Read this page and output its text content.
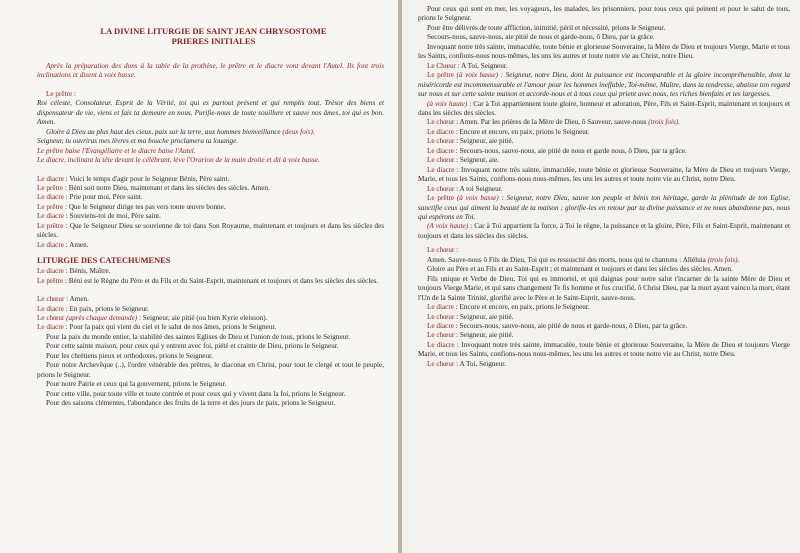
LA DIVINE LITURGIE DE SAINT JEAN CHRYSOSTOME
PRIERES INITIALES

Après la préparation des dons à la table de la prothèse, le prêtre et le diacre vont devant l'Autel. Ils font trois inclinations et disent à voix basse.

Le prêtre :

Roi céleste, Consolateur, Esprit de la Vérité, toi qui es partout présent et qui remplis tout, Trésor des biens et dispensateur de vie, viens et fais ta demeure en nous. Purifie-nous de toute souillure et sauve nos âmes, toi qui es bon. Amen.

Gloire à Dieu au plus haut des cieux, paix sur la terre, aux hommes bienveillance (deux fois).

Seigneur, tu ouvriras mes lèvres et ma bouche proclamera ta louange.

Le prêtre baise l'Evangéliaire et le diacre baise l'Autel.

Le diacre, inclinant la tête devant le célébrant, lève l'Orarion de la main droite et dit à voix basse.

Le diacre : Voici le temps d'agir pour le Seigneur Bénis, Père saint.

Le prêtre : Béni soit notre Dieu, maintenant et dans les siècles des siècles. Amen.

Le diacre : Prie pour moi, Père saint.

Le prêtre : Que le Seigneur dirige tes pas vers toute œuvre bonne.

Le diacre : Souviens-toi de moi, Père saint.

Le prêtre : Que le Seigneur Dieu se souvienne de toi dans Son Royaume, maintenant et toujours et dans les siècles des siècles.

Le diacre : Amen.

LITURGIE DES CATECHUMENES

Le diacre : Bénis, Maître.

Le prêtre : Béni est le Règne du Père et du Fils et du Saint-Esprit, maintenant et toujours et dans les siècles des siècles.

Le chœur : Amen.

Le diacre : En paix, prions le Seigneur.

Le chœur (après chaque demande) : Seigneur, aie pitié (ou bien Kyrie eleisson).

Le diacre : Pour la paix qui vient du ciel et le salut de nos âmes, prions le Seigneur.

Pour la paix du monde entier, la stabilité des saintes Eglises de Dieu et l'union de tous, prions le Seigneur.

Pour cette sainte maison, pour ceux qui y entrent avec foi, piété et crainte de Dieu, prions le Seigneur.

Pour les chrétiens pieux et orthodoxes, prions le Seigneur.

Pour notre Archevêque (..), l'ordre vénérable des prêtres, le diaconat en Christ, pour tout le clergé et tout le peuple, prions le Seigneur.

Pour notre Patrie et ceux qui la gouvernent, prions le Seigneur.

Pour cette ville, pour toute ville et toute contrée et pour ceux qui y vivent dans la foi, prions le Seigneur.

Pour des saisons clémentes, l'abondance des fruits de la terre et des jours de paix, prions le Seigneur.

Pour ceux qui sont en mer, les voyageurs, les malades, les prisonniers, pour tous ceux qui peinent et pour le salut de tous, prions le Seigneur.

Pour être délivrés de toute affliction, inimitié, péril et nécessité, prions le Seigneur.

Secours-nous, sauve-nous, aie pitié de nous et garde-nous, ô Dieu, par ta grâce.

Invoquant notre très sainte, immaculée, toute bénie et glorieuse Souveraine, la Mère de Dieu et toujours Vierge, Marie et tous les Saints, confions-nous nous-mêmes, les uns les autres et toute notre vie au Christ, notre Dieu.

Le Chœur : A Toi, Seigneur.

Le prêtre (à voix basse) : Seigneur, notre Dieu, dont la puissance est incomparable et la gloire incompréhensible, dont la miséricorde est incommensurable et l'amour pour les hommes ineffable, Toi-même, Maître, dans ta tendresse, abaisse ton regard sur nous et sur cette sainte maison et accorde-nous et à tous ceux qui prient avec nous, tes riches bienfaits et tes largesses.

(à voix haute) : Car à Toi appartiennent toute gloire, honneur et adoration, Père, Fils et Saint-Esprit, maintenant et toujours et dans les siècles des siècles.

Le chœur : Amen. Par les prières de la Mère de Dieu, ô Sauveur, sauve-nous (trois fois).

Le diacre : Encore et encore, en paix, prions le Seigneur.

Le chœur : Seigneur, aie pitié.

Le diacre : Secours-nous, sauve-nous, aie pitié de nous et garde nous, ô Dieu, par ta grâce.

Le chœur : Seigneur, aie.

Le diacre : Invoquant notre très sainte, immaculée, toute bénie et glorieuse Souveraine, la Mère de Dieu et toujours Vierge, Marie, et tous les Saints, confions-nous nous-mêmes, les uns les autres et toute notre vie au Christ, notre Dieu.

Le chœur : A toi Seigneur.

Le prêtre (à voix basse) : Seigneur, notre Dieu, sauve ton peuple et bénis ton héritage, garde la plénitude de ton Eglise, sanctifie ceux qui aiment la beauté de ta maison ; glorifie-les en retour par ta divine puissance et ne nous abandonne pas, nous qui espérons en Toi.

(A voix haute) : Car à Toi appartient la force, à Toi le règne, la puissance et la gloire, Père, Fils et Saint-Esprit, maintenant et toujours et dans les siècles des siècles.

Le chœur :

Amen. Sauve-nous ô Fils de Dieu, Toi qui es ressuscité des morts, nous qui te chantons : Alléluia (trois fois).

Gloire au Père et au Fils et au Saint-Esprit ; et maintenant et toujours et dans les siècles des siècles. Amen.

Fils unique et Verbe de Dieu, Toi qui es immortel, et qui daignas pour notre salut t'incarner de la sainte Mère de Dieu et toujours Vierge Marie, et qui sans changement Te fis homme et fus crucifié, ô Christ Dieu, par la mort ayant vaincu la mort, étant l'Un de la Sainte Trinité, glorifié avec le Père et le Saint-Esprit, sauve-nous.

Le diacre : Encore et encore, en paix, prions le Seigneur.

Le chœur : Seigneur, aie pitié.

Le diacre : Secours-nous, sauve-nous, aie pitié de nous et garde-nous, ô Dieu, par ta grâce.

Le chœur : Seigneur, aie pitié.

Le diacre : Invoquant notre très sainte, immaculée, toute bénie et glorieuse Souveraine, la Mère de Dieu et toujours Vierge Marie, et tous les Saints, confions-nous nous-mêmes, les uns les autres et toute notre vie au Christ, notre Dieu.

Le chœur : A Toi, Seigneur.
